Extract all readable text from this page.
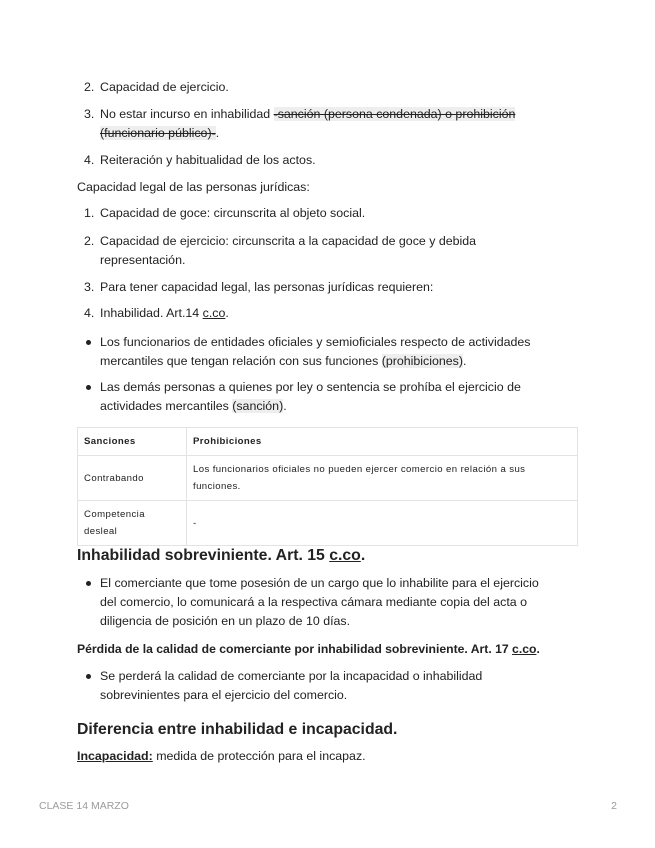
2. Capacidad de ejercicio.
3. No estar incurso en inhabilidad -sanción (persona condenada) o prohibición (funcionario público)-.
4. Reiteración y habitualidad de los actos.
Capacidad legal de las personas jurídicas:
1. Capacidad de goce: circunscrita al objeto social.
2. Capacidad de ejercicio: circunscrita a la capacidad de goce y debida representación.
3. Para tener capacidad legal, las personas jurídicas requieren:
4. Inhabilidad. Art.14 c.co.
Los funcionarios de entidades oficiales y semioficiales respecto de actividades mercantiles que tengan relación con sus funciones (prohibiciones).
Las demás personas a quienes por ley o sentencia se prohíba el ejercicio de actividades mercantiles (sanción).
Sanciones	Prohibiciones
Contrabando	Los funcionarios oficiales no pueden ejercer comercio en relación a sus funciones.
Competencia desleal	-
Inhabilidad sobreviniente. Art. 15 c.co.
El comerciante que tome posesión de un cargo que lo inhabilite para el ejercicio del comercio, lo comunicará a la respectiva cámara mediante copia del acta o diligencia de posición en un plazo de 10 días.
Pérdida de la calidad de comerciante por inhabilidad sobreviniente. Art. 17 c.co.
Se perderá la calidad de comerciante por la incapacidad o inhabilidad sobrevinientes para el ejercicio del comercio.
Diferencia entre inhabilidad e incapacidad.
Incapacidad: medida de protección para el incapaz.
CLASE 14 MARZO	2
